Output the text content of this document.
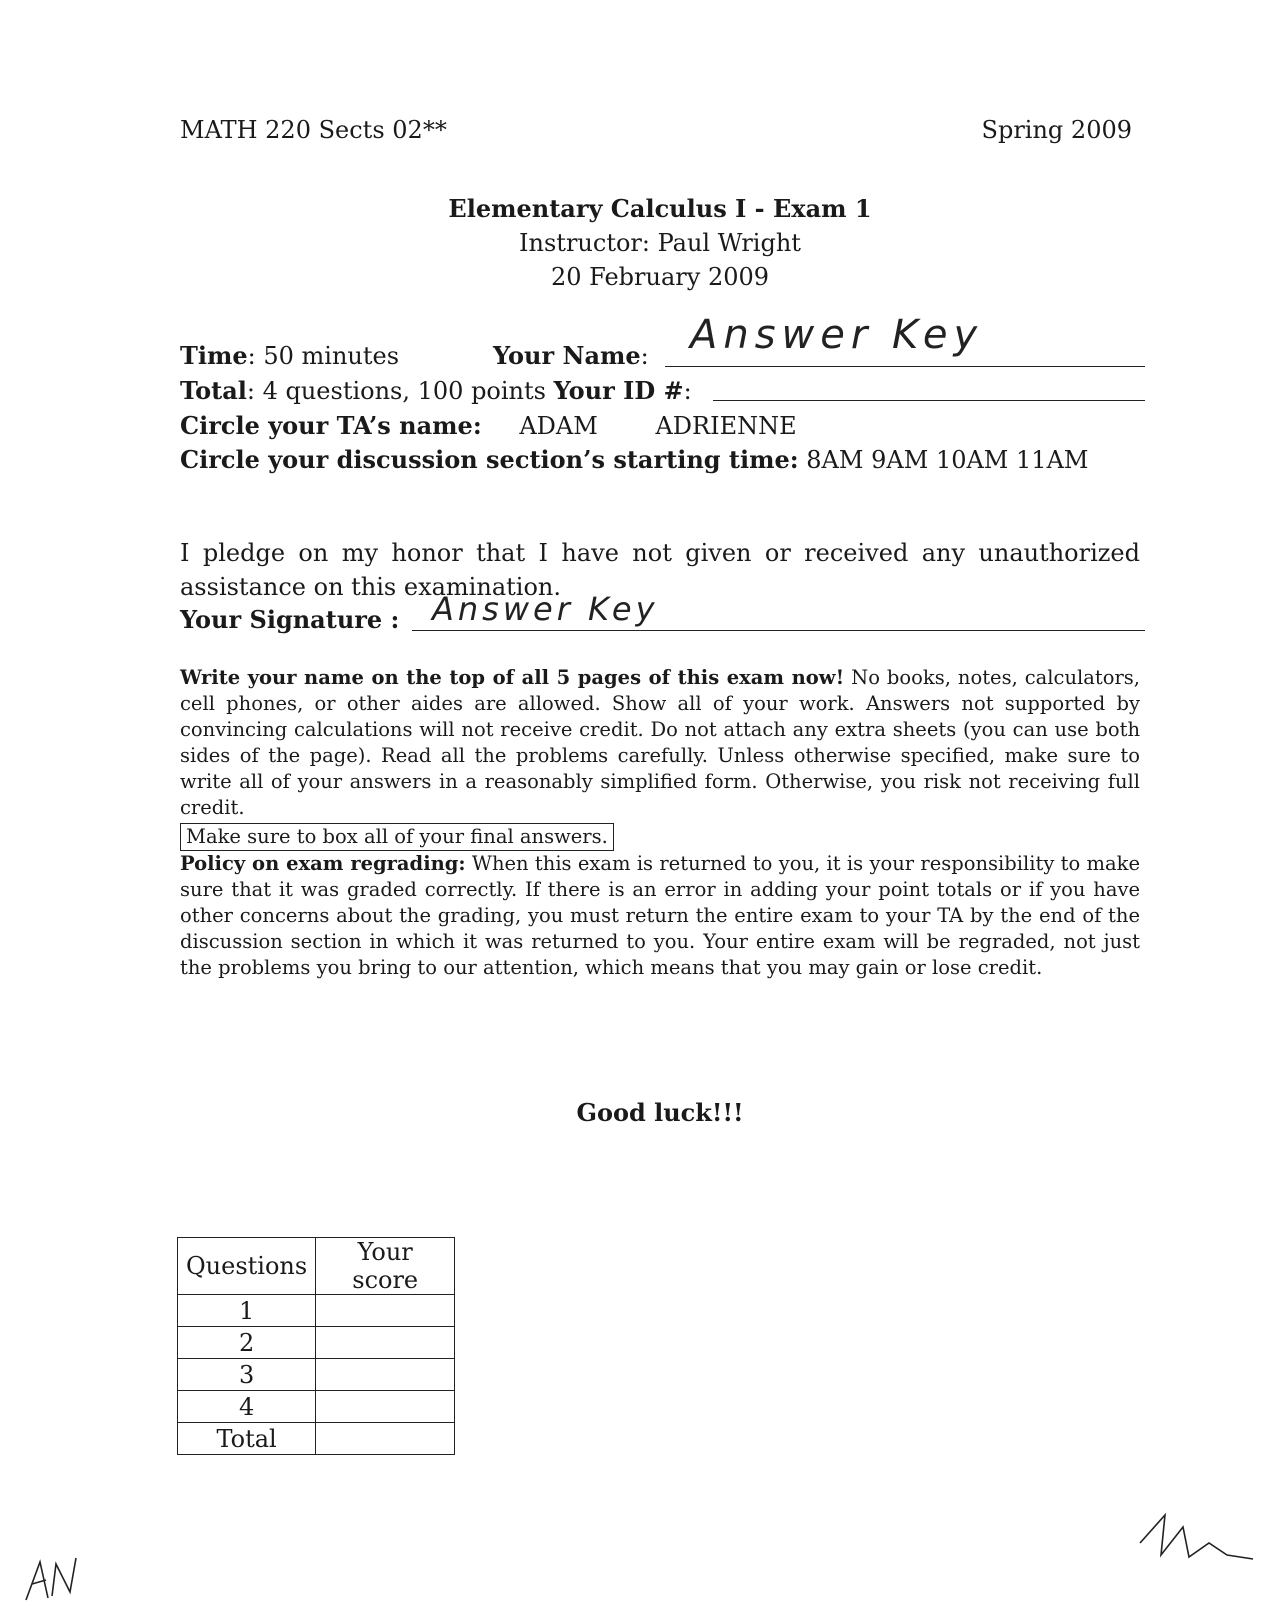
MATH 220 Sects 02**	Spring 2009
Elementary Calculus I - Exam 1
Instructor: Paul Wright
20 February 2009
Time: 50 minutes	Your Name: Answer Key
Total: 4 questions, 100 points Your ID #:
Circle your TA’s name: ADAM ADRIENNE
Circle your discussion section’s starting time: 8AM 9AM 10AM 11AM
I pledge on my honor that I have not given or received any unauthorized assistance on this examination.
Your Signature : Answer Key
Write your name on the top of all 5 pages of this exam now! No books, notes, calculators, cell phones, or other aides are allowed. Show all of your work. Answers not supported by convincing calculations will not receive credit. Do not attach any extra sheets (you can use both sides of the page). Read all the problems carefully. Unless otherwise specified, make sure to write all of your answers in a reasonably simplified form. Otherwise, you risk not receiving full credit.
Make sure to box all of your final answers.
Policy on exam regrading: When this exam is returned to you, it is your responsibility to make sure that it was graded correctly. If there is an error in adding your point totals or if you have other concerns about the grading, you must return the entire exam to your TA by the end of the discussion section in which it was returned to you. Your entire exam will be regraded, not just the problems you bring to our attention, which means that you may gain or lose credit.
Good luck!!!
Questions	Your score
1	
2	
3	
4	
Total	
